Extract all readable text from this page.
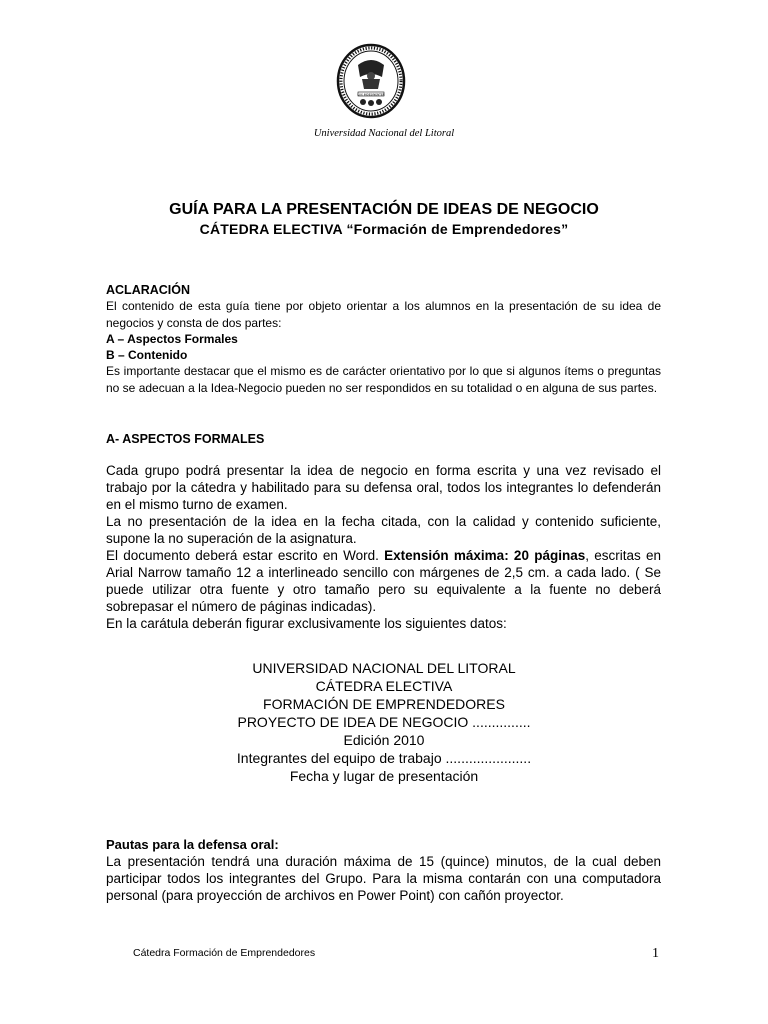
LUX INDESINENTER
Universidad Nacional del Litoral
GUÍA PARA LA PRESENTACIÓN DE IDEAS DE NEGOCIO
CÁTEDRA ELECTIVA “Formación de Emprendedores”

ACLARACIÓN

El contenido de esta guía tiene por objeto orientar a los alumnos en la presentación de su idea de negocios y consta de dos partes:

A – Aspectos Formales

B – Contenido

Es importante destacar que el mismo es de carácter orientativo por lo que si algunos ítems o preguntas no se adecuan a la Idea-Negocio pueden no ser respondidos en su totalidad o en alguna de sus partes.

A- ASPECTOS FORMALES

Cada grupo podrá presentar la idea de negocio en forma escrita y una vez revisado el trabajo por la cátedra y habilitado para su defensa oral, todos los integrantes lo defenderán en el mismo turno de examen.

La no presentación de la idea en la fecha citada, con la calidad y contenido suficiente, supone la no superación de la asignatura.

El documento deberá estar escrito en Word. Extensión máxima: 20 páginas, escritas en Arial Narrow tamaño 12 a interlineado sencillo con márgenes de 2,5 cm. a cada lado. ( Se puede utilizar otra fuente y otro tamaño pero su equivalente a la fuente no deberá sobrepasar el número de páginas indicadas).

En la carátula deberán figurar exclusivamente los siguientes datos:

UNIVERSIDAD NACIONAL DEL LITORAL

CÁTEDRA ELECTIVA

FORMACIÓN DE EMPRENDEDORES

PROYECTO DE IDEA DE NEGOCIO ...............

Edición 2010

Integrantes del equipo de trabajo ......................

Fecha y lugar de presentación

Pautas para la defensa oral:

La presentación tendrá una duración máxima de 15 (quince) minutos, de la cual deben participar todos los integrantes del Grupo. Para la misma contarán con una computadora personal (para proyección de archivos en Power Point) con cañón proyector.

Cátedra Formación de Emprendedores	1
